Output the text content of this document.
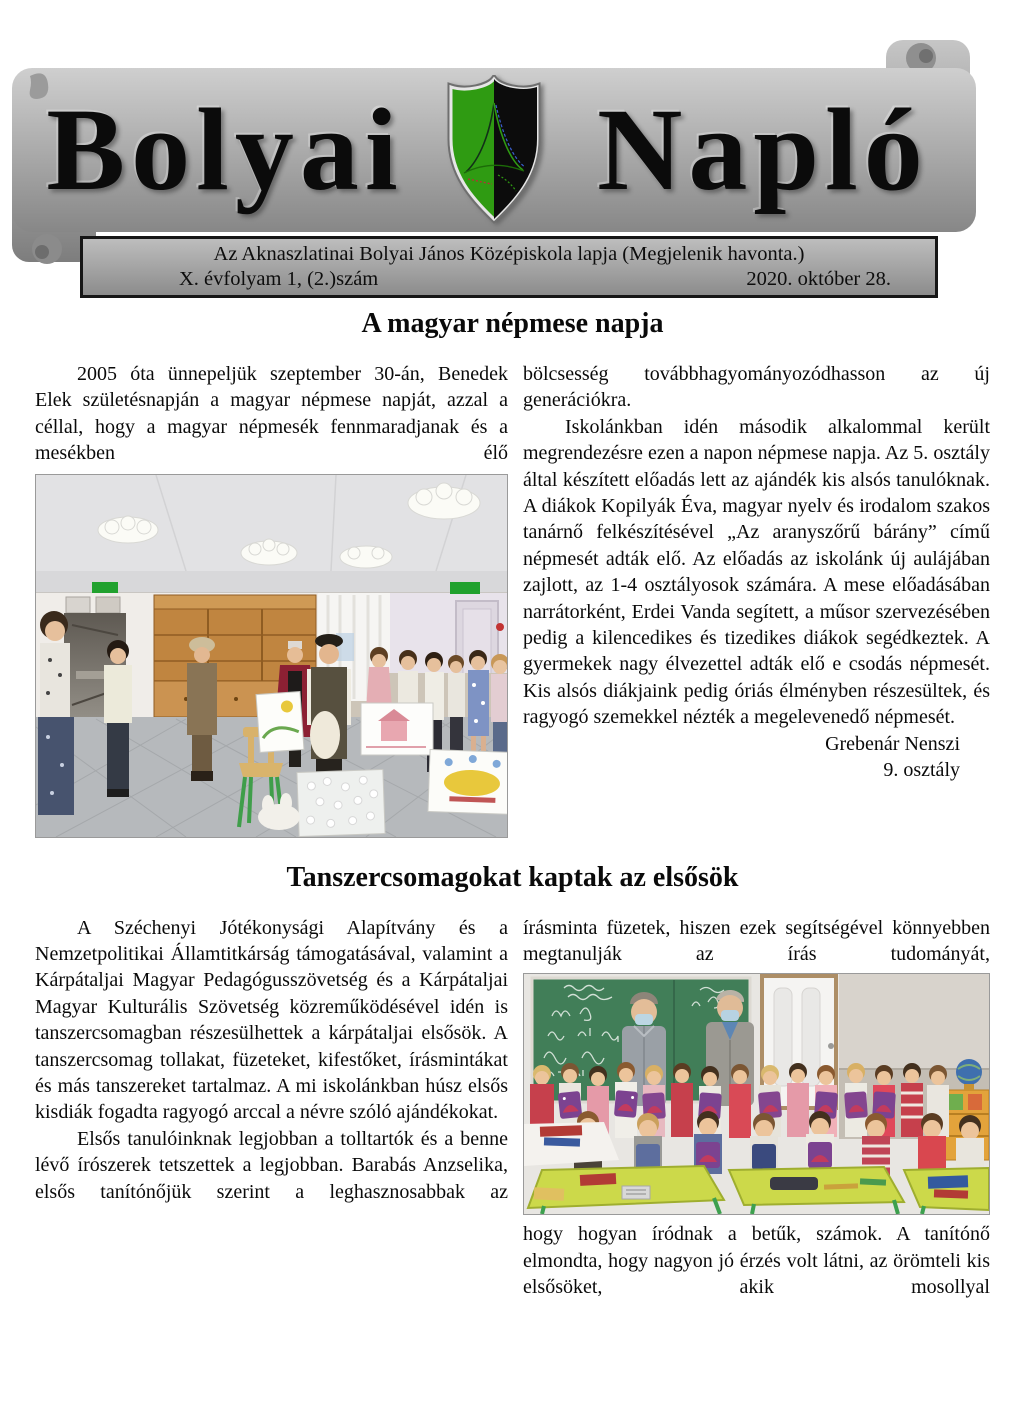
Bolyai	Napló
Az Aknaszlatinai Bolyai János Középiskola lapja (Megjelenik havonta.)
X. évfolyam 1, (2.)szám	2020. október 28.
A magyar népmese napja

2005 óta ünnepeljük szeptember 30-án, Benedek Elek születésnapján a magyar népmese napját, azzal a céllal, hogy a magyar népmesék fennmaradjanak és a mesékben élő

bölcsesség továbbhagyományozódhasson az új generációkra.

Iskolánkban idén második alkalommal került megrendezésre ezen a napon népmese napja. Az 5. osztály által készített előadás lett az ajándék kis alsós tanulóknak. A diákok Kopilyák Éva, magyar nyelv és irodalom szakos tanárnő felkészítésével „Az aranyszőrű bárány” című népmesét adták elő. Az előadás az iskolánk új aulájában zajlott, az 1-4 osztályosok számára. A mese előadásában narrátorként, Erdei Vanda segített, a műsor szervezésében pedig a kilencedikes és tizedikes diákok segédkeztek. A gyermekek nagy élvezettel adták elő e csodás népmesét. Kis alsós diákjaink pedig óriás élményben részesültek, és ragyogó szemekkel nézték a megelevenedő népmesét.

Grebenár Nenszi
9. osztály
Tanszercsomagokat kaptak az elsősök

A Széchenyi Jótékonysági Alapítvány és a Nemzetpolitikai Államtitkárság támogatásával, valamint a Kárpátaljai Magyar Pedagógusszövetség és a Kárpátaljai Magyar Kulturális Szövetség közreműködésével idén is tanszercsomagban részesülhettek a kárpátaljai elsősök. A tanszercsomag tollakat, füzeteket, kifestőket, írásmintákat és más tanszereket tartalmaz. A mi iskolánkban húsz elsős kisdiák fogadta ragyogó arccal a névre szóló ajándékokat.

Elsős tanulóinknak legjobban a tolltartók és a benne lévő írószerek tetszettek a legjobban. Barabás Anzselika, elsős tanítónőjük szerint a leghasznosabbak az

írásminta füzetek, hiszen ezek segítségével könnyebben megtanulják az írás tudományát,

hogy hogyan íródnak a betűk, számok. A tanítónő elmondta, hogy nagyon jó érzés volt látni, az örömteli kis elsősöket, akik mosollyal
